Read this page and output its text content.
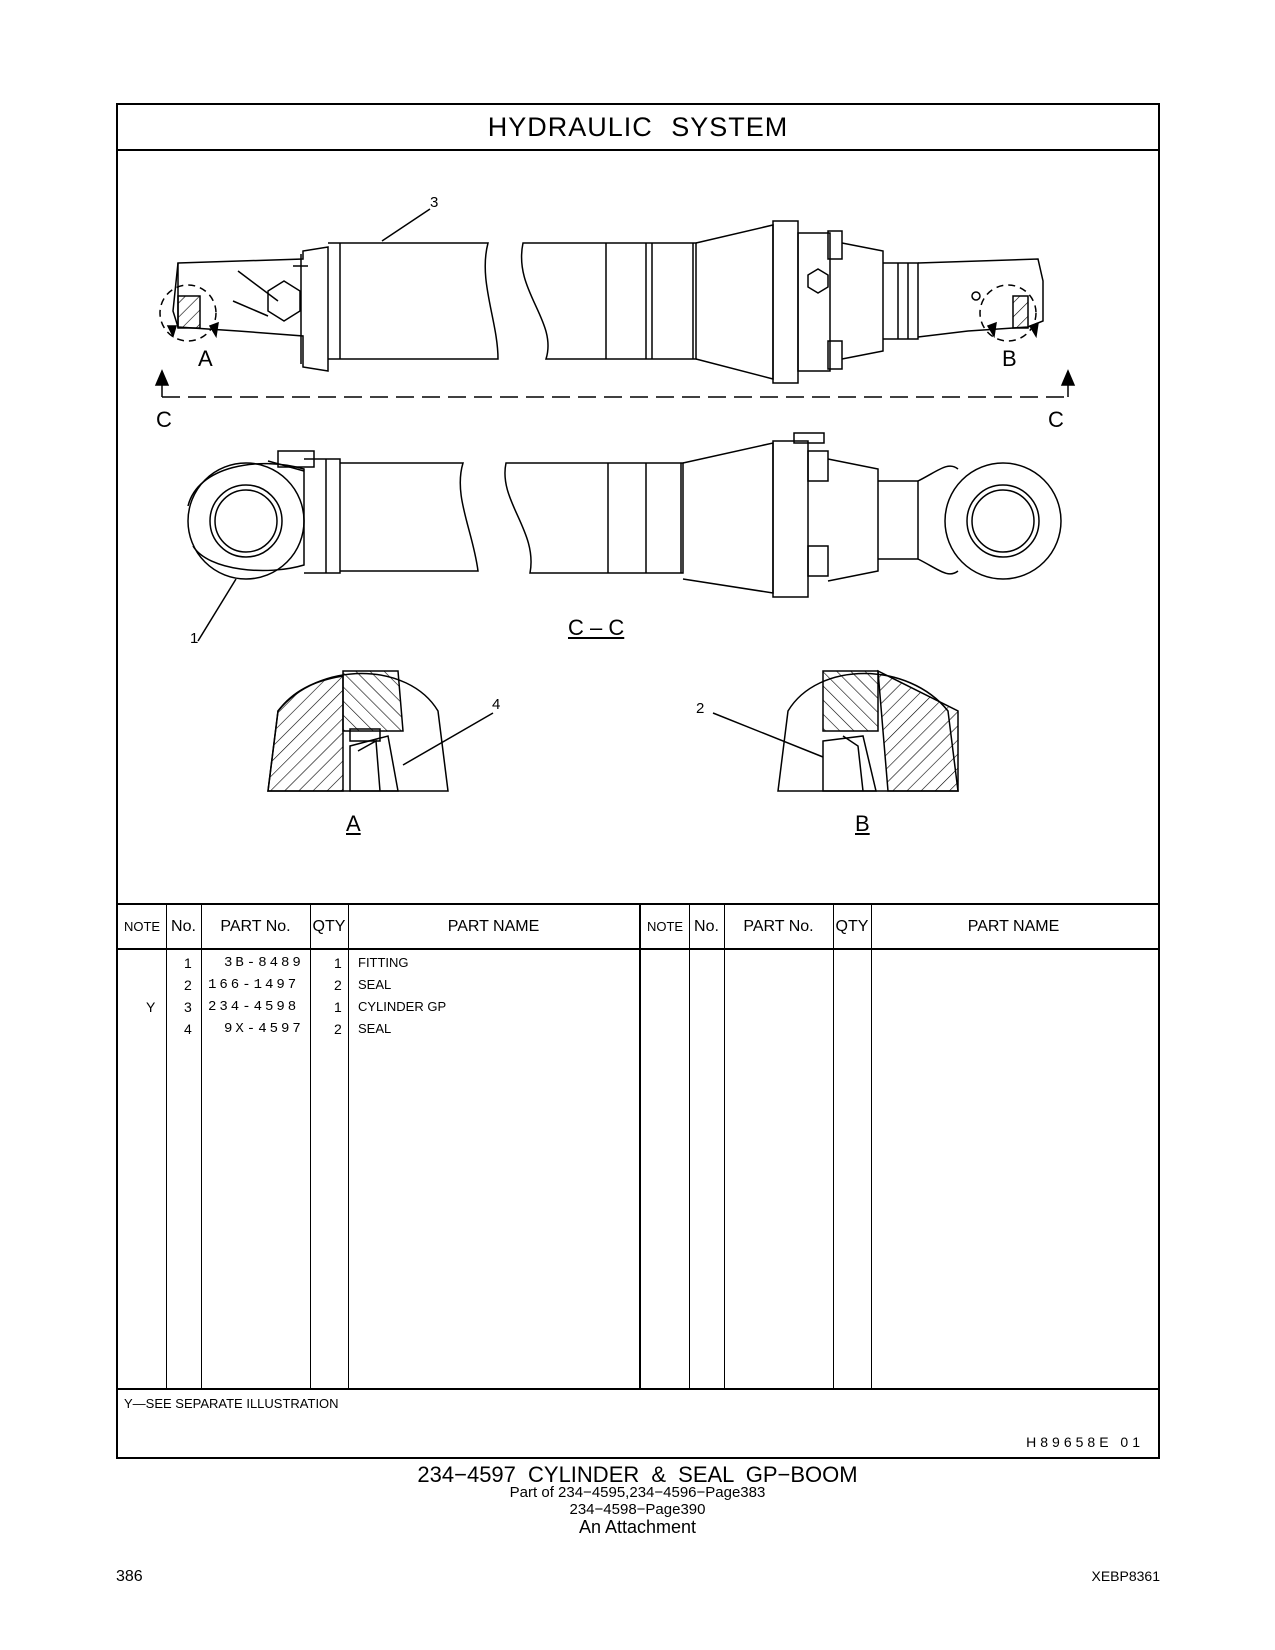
HYDRAULIC SYSTEM
3
1
4	2
A	B
C	C
C – C
A	B
NOTE No.	PART No.	QTY	PART NAME
1 3B-8489 1 FITTING
2 166-1497 2 SEAL
Y 3 234-4598 1 CYLINDER GP
4 9X-4597 2 SEAL
NOTE No.	PART No.	QTY	PART NAME
Y—SEE SEPARATE ILLUSTRATION
H89658E 01
234−4597 CYLINDER & SEAL GP−BOOM
Part of 234−4595,234−4596−Page383
234−4598−Page390
An Attachment
386	XEBP8361
